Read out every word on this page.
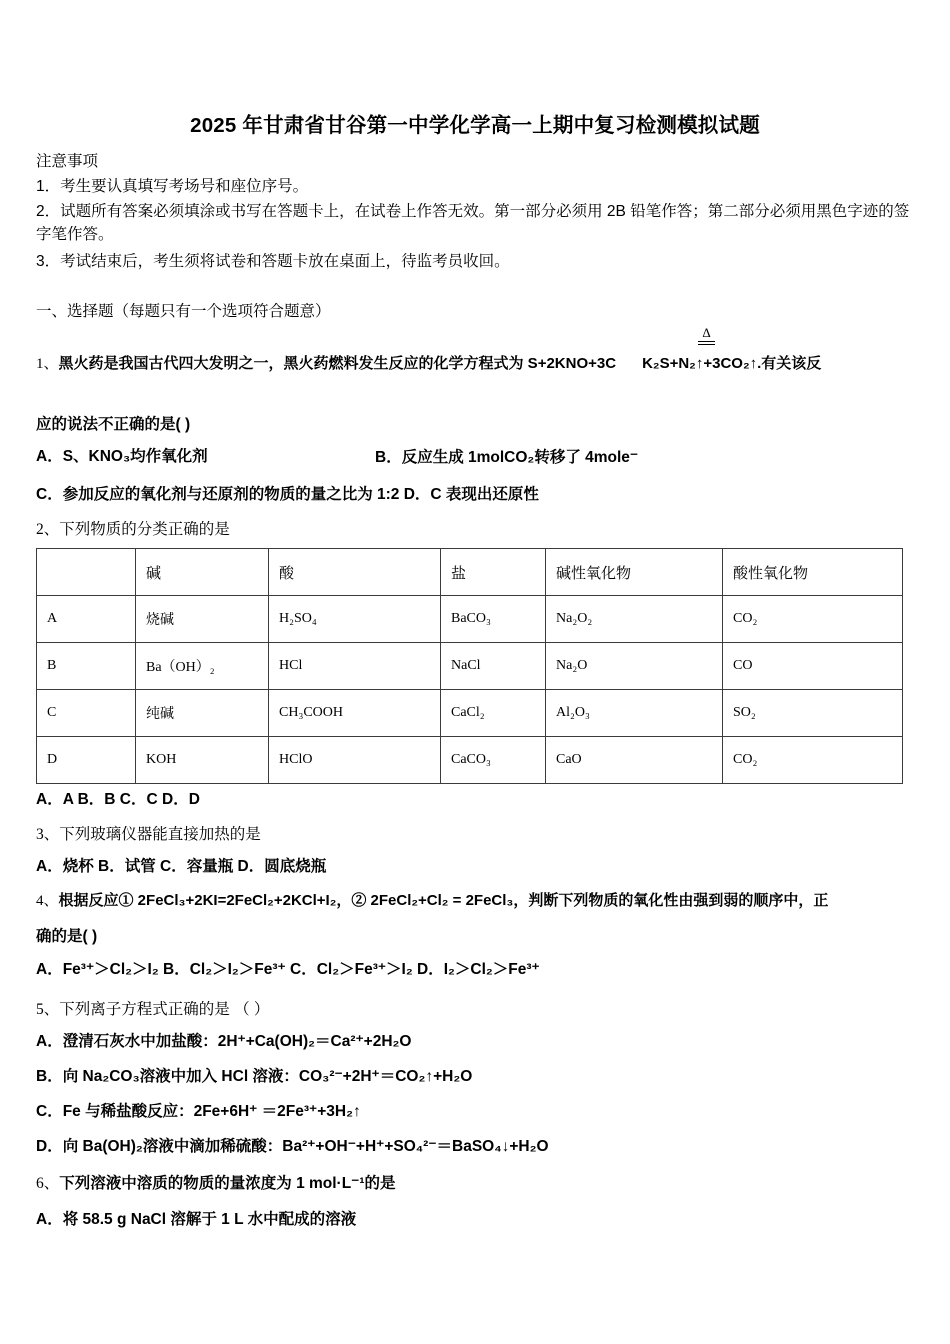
2025 年甘肃省甘谷第一中学化学高一上期中复习检测模拟试题
注意事项
1．考生要认真填写考场号和座位序号。
2．试题所有答案必须填涂或书写在答题卡上，在试卷上作答无效。第一部分必须用 2B 铅笔作答；第二部分必须用黑色字迹的签字笔作答。
3．考试结束后，考生须将试卷和答题卡放在桌面上，待监考员收回。
一、选择题（每题只有一个选项符合题意）
Δ
1、黑火药是我国古代四大发明之一，黑火药燃料发生反应的化学方程式为 S+2KNO+3C K₂S+N₂↑+3CO₂↑.有关该反
应的说法不正确的是( )
A．S、KNO₃均作氧化剂	B．反应生成 1molCO₂转移了 4mole⁻
C．参加反应的氧化剂与还原剂的物质的量之比为 1:2 D．C 表现出还原性
2、下列物质的分类正确的是
	碱	酸	盐	碱性氧化物	酸性氧化物
A	烧碱	H₂SO₄	BaCO₃	Na₂O₂	CO₂
B	Ba（OH）₂	HCl	NaCl	Na₂O	CO
C	纯碱	CH₃COOH	CaCl₂	Al₂O₃	SO₂
D	KOH	HClO	CaCO₃	CaO	CO₂
A．A B．B C．C D．D
3、下列玻璃仪器能直接加热的是
A．烧杯 B．试管 C．容量瓶 D．圆底烧瓶
4、根据反应① 2FeCl₃+2KI=2FeCl₂+2KCl+I₂，② 2FeCl₂+Cl₂ = 2FeCl₃，判断下列物质的氧化性由强到弱的顺序中，正
确的是( )
A．Fe³⁺＞Cl₂＞I₂ B．Cl₂＞I₂＞Fe³⁺ C．Cl₂＞Fe³⁺＞I₂ D．I₂＞Cl₂＞Fe³⁺
5、下列离子方程式正确的是 （ ）
A．澄清石灰水中加盐酸：2H⁺+Ca(OH)₂＝Ca²⁺+2H₂O
B．向 Na₂CO₃溶液中加入 HCl 溶液：CO₃²⁻+2H⁺＝CO₂↑+H₂O
C．Fe 与稀盐酸反应：2Fe+6H⁺ ＝2Fe³⁺+3H₂↑
D．向 Ba(OH)₂溶液中滴加稀硫酸：Ba²⁺+OH⁻+H⁺+SO₄²⁻＝BaSO₄↓+H₂O
6、下列溶液中溶质的物质的量浓度为 1 mol·L⁻¹的是
A．将 58.5 g NaCl 溶解于 1 L 水中配成的溶液
